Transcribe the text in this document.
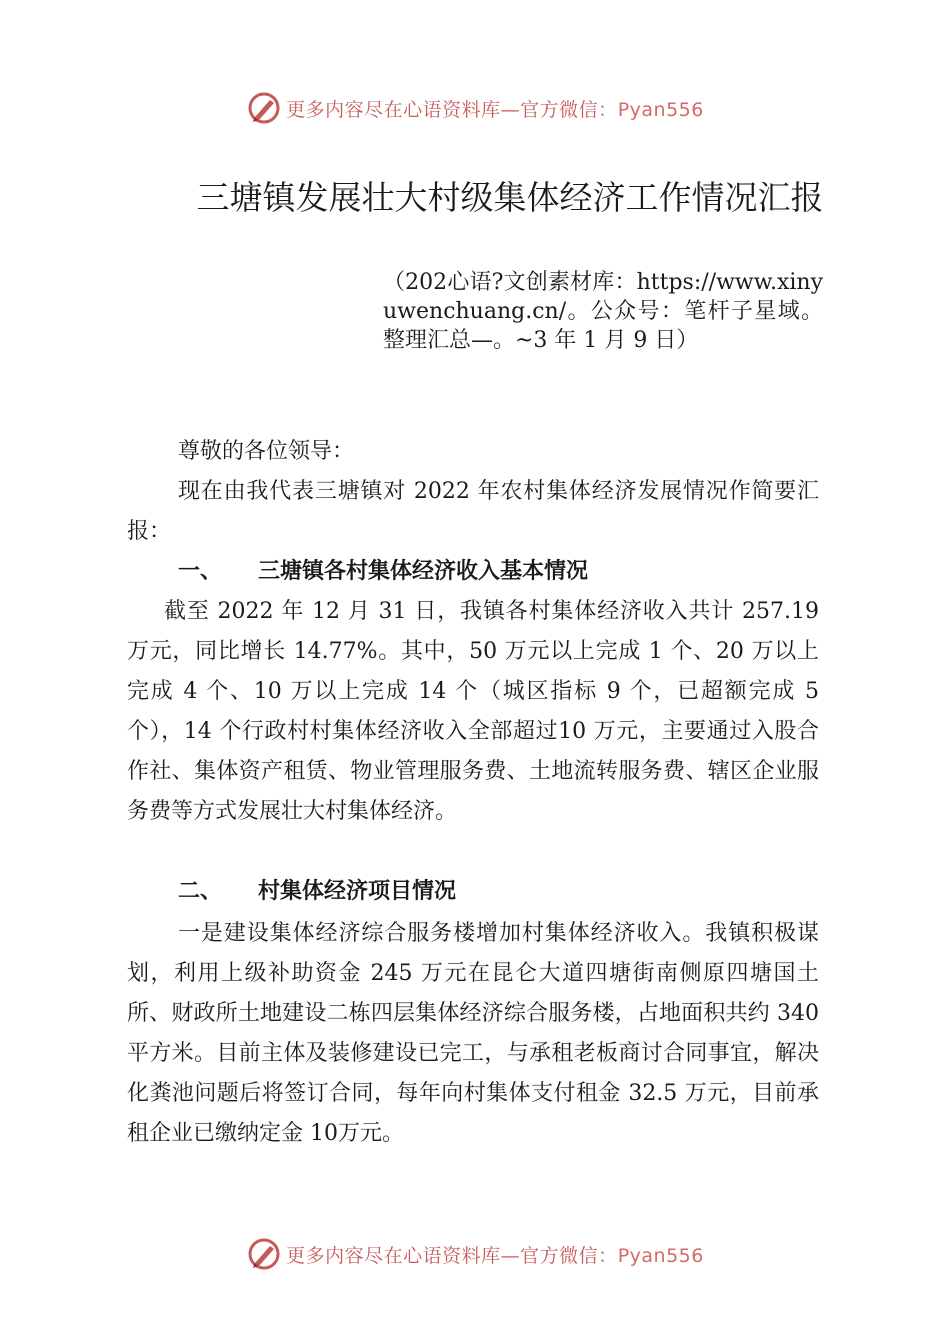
更多内容尽在心语资料库—官方微信：Pyan556
三塘镇发展壮大村级集体经济工作情况汇报
（202心语?文创素材库：https://www.xinyuwenchuang.cn/。公众号：笔杆子星域。整理汇总—。~3 年 1 月 9 日）

尊敬的各位领导：

现在由我代表三塘镇对 2022 年农村集体经济发展情况作简要汇报：

一、 三塘镇各村集体经济收入基本情况

截至 2022 年 12 月 31 日，我镇各村集体经济收入共计 257.19 万元，同比增长 14.77%。其中，50 万元以上完成 1 个、20 万以上完成 4 个、10 万以上完成 14 个（城区指标 9 个，已超额完成 5 个），14 个行政村村集体经济收入全部超过10 万元，主要通过入股合作社、集体资产租赁、物业管理服务费、土地流转服务费、辖区企业服务费等方式发展壮大村集体经济。

二、 村集体经济项目情况

一是建设集体经济综合服务楼增加村集体经济收入。我镇积极谋划，利用上级补助资金 245 万元在昆仑大道四塘街南侧原四塘国土所、财政所土地建设二栋四层集体经济综合服务楼，占地面积共约 340 平方米。目前主体及装修建设已完工，与承租老板商讨合同事宜，解决化粪池问题后将签订合同，每年向村集体支付租金 32.5 万元，目前承租企业已缴纳定金 10万元。

更多内容尽在心语资料库—官方微信：Pyan556
